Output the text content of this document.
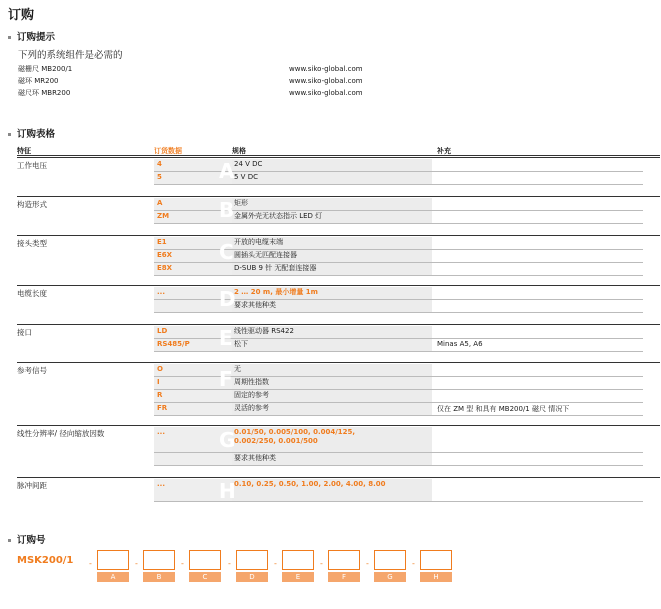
订购
订购提示
下列的系统组件是必需的
磁栅尺 MB200/1	www.siko-global.com
磁环 MR200	www.siko-global.com
磁尺环 MBR200	www.siko-global.com
订购表格
特征	订货数据	规格	补充
工作电压	4	24 V DC
5	5 V DC
A
构造形式	A	矩形
ZM	金属外壳无状态指示 LED 灯
B
接头类型	E1	开放的电缆末端
E6X	圆插头无匹配连接器
E8X	D-SUB 9 针 无配套连接器
C
电缆长度	...	2 … 20 m, 最小增量 1m
要求其他种类
D
接口	LD	线性驱动器 RS422
RS485/P	松下	Minas A5, A6
E
参考信号	O	无
I	周期性指数
R	固定的参考
FR	灵活的参考	仅在 ZM 型 和具有 MB200/1 磁尺 情况下
F
线性分辨率/ 径向缩放因数	...	0.01/50, 0.005/100, 0.004/125,
0.002/250, 0.001/500
要求其他种类
G
脉冲间距	...	0.10, 0.25, 0.50, 1.00, 2.00, 4.00, 8.00
H
订购号
MSK200/1 -
A
-
B
-
C
-
D
-
E
-
F
-
G
-
H
